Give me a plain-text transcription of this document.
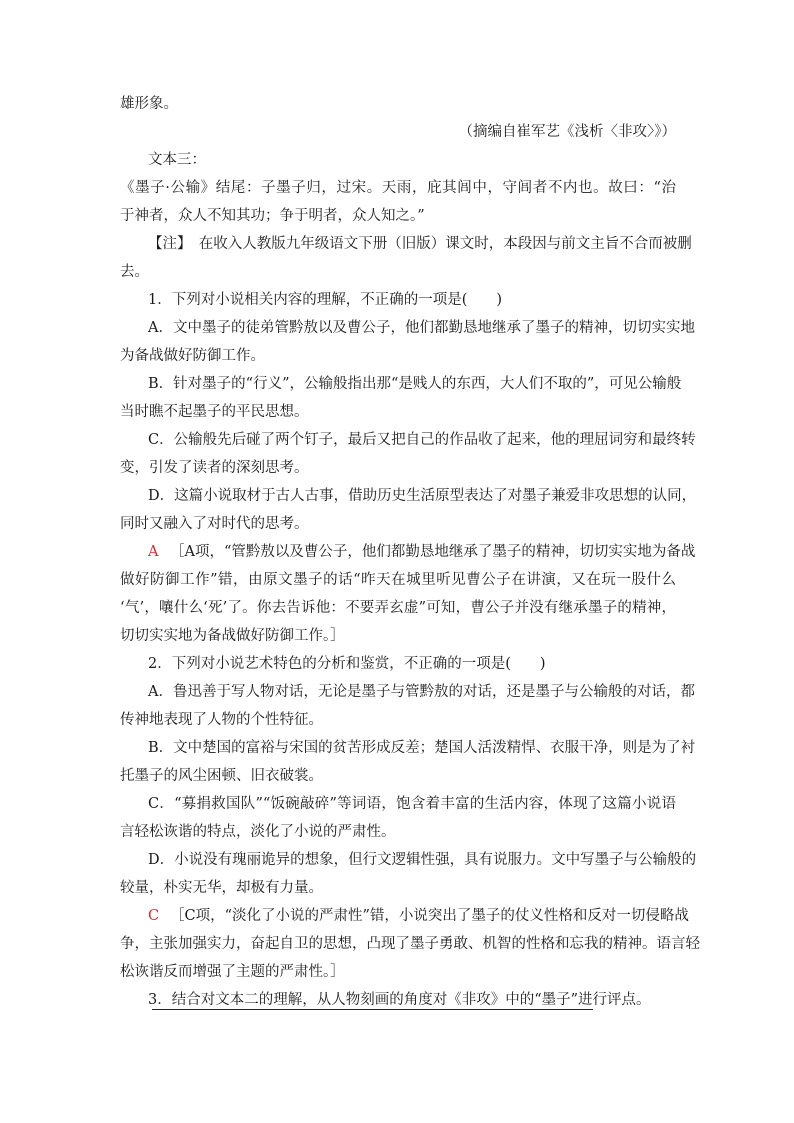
雄形象。
（摘编自崔军艺《浅析〈非攻〉》）
文本三：
《墨子·公输》结尾：子墨子归，过宋。天雨，庇其闾中，守闾者不内也。故曰：“治
于神者，众人不知其功；争于明者，众人知之。”
【注】　在收入人教版九年级语文下册（旧版）课文时，本段因与前文主旨不合而被删
去。
1．下列对小说相关内容的理解，不正确的一项是(　　)
A．文中墨子的徒弟管黔敖以及曹公子，他们都勤恳地继承了墨子的精神，切切实实地
为备战做好防御工作。
B．针对墨子的“行义”，公输般指出那“是贱人的东西，大人们不取的”，可见公输般
当时瞧不起墨子的平民思想。
C．公输般先后碰了两个钉子，最后又把自己的作品收了起来，他的理屈词穷和最终转
变，引发了读者的深刻思考。
D．这篇小说取材于古人古事，借助历史生活原型表达了对墨子兼爱非攻思想的认同，
同时又融入了对时代的思考。
A ［A项，“管黔敖以及曹公子，他们都勤恳地继承了墨子的精神，切切实实地为备战
做好防御工作”错，由原文墨子的话“昨天在城里听见曹公子在讲演，又在玩一股什么
‘气’，嚷什么‘死’了。你去告诉他：不要弄玄虚”可知，曹公子并没有继承墨子的精神，
切切实实地为备战做好防御工作。］
2．下列对小说艺术特色的分析和鉴赏，不正确的一项是(　　)
A．鲁迅善于写人物对话，无论是墨子与管黔敖的对话，还是墨子与公输般的对话，都
传神地表现了人物的个性特征。
B．文中楚国的富裕与宋国的贫苦形成反差；楚国人活泼精悍、衣服干净，则是为了衬
托墨子的风尘困顿、旧衣破裳。
C．“募捐救国队”“饭碗敲碎”等词语，饱含着丰富的生活内容，体现了这篇小说语
言轻松诙谐的特点，淡化了小说的严肃性。
D．小说没有瑰丽诡异的想象，但行文逻辑性强，具有说服力。文中写墨子与公输般的
较量，朴实无华，却极有力量。
C ［C项，“淡化了小说的严肃性”错，小说突出了墨子的仗义性格和反对一切侵略战
争，主张加强实力，奋起自卫的思想，凸现了墨子勇敢、机智的性格和忘我的精神。语言轻
松诙谐反而增强了主题的严肃性。］
3．结合对文本二的理解，从人物刻画的角度对《非攻》中的“墨子”进行评点。
